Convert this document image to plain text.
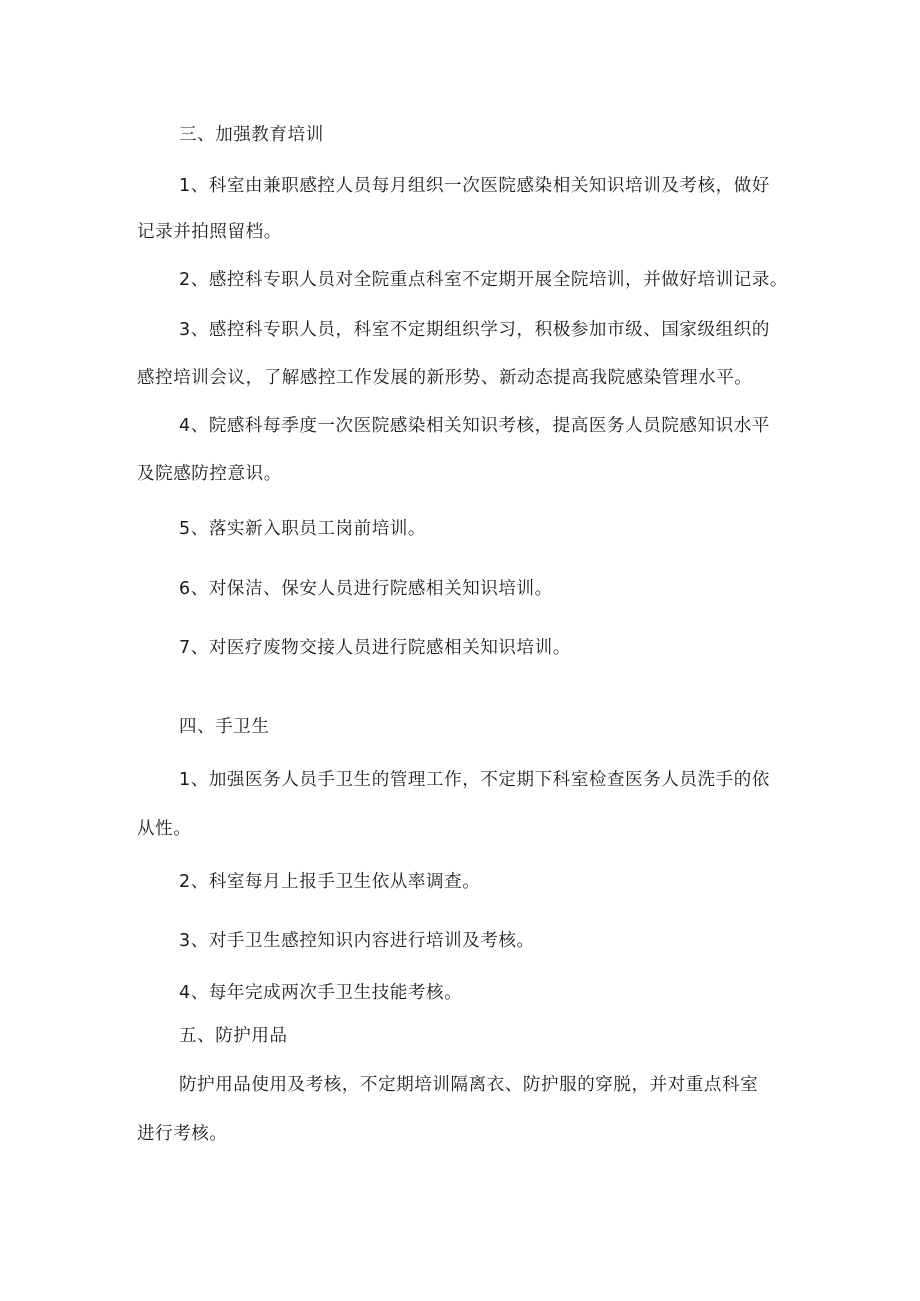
三、加强教育培训
1、科室由兼职感控人员每月组织一次医院感染相关知识培训及考核，做好
记录并拍照留档。
2、感控科专职人员对全院重点科室不定期开展全院培训，并做好培训记录。
3、感控科专职人员，科室不定期组织学习，积极参加市级、国家级组织的
感控培训会议，了解感控工作发展的新形势、新动态提高我院感染管理水平。
4、院感科每季度一次医院感染相关知识考核，提高医务人员院感知识水平
及院感防控意识。
5、落实新入职员工岗前培训。
6、对保洁、保安人员进行院感相关知识培训。
7、对医疗废物交接人员进行院感相关知识培训。
四、手卫生
1、加强医务人员手卫生的管理工作，不定期下科室检查医务人员洗手的依
从性。
2、科室每月上报手卫生依从率调查。
3、对手卫生感控知识内容进行培训及考核。
4、每年完成两次手卫生技能考核。
五、防护用品
防护用品使用及考核，不定期培训隔离衣、防护服的穿脱，并对重点科室
进行考核。
